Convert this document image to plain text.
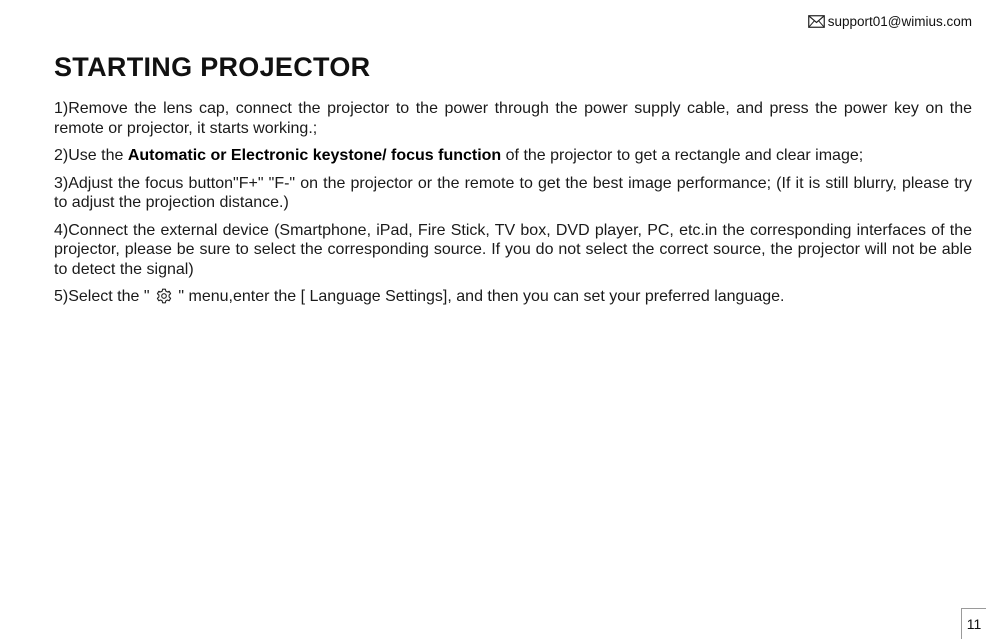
support01@wimius.com
STARTING PROJECTOR

1)Remove the lens cap, connect the projector to the power through the power supply cable, and press the power key on the remote or projector, it starts working.;

2)Use the Automatic or Electronic keystone/ focus function of the projector to get a rectangle and clear image;

3)Adjust the focus button"F+" "F-" on the projector or the remote to get the best image performance; (If it is still blurry, please try to adjust the projection distance.)

4)Connect the external device (Smartphone, iPad, Fire Stick, TV box, DVD player, PC, etc.in the corresponding interfaces of the projector, please be sure to select the corresponding source. If you do not select the correct source, the projector will not be able to detect the signal)

5)Select the "  " menu,enter the [ Language Settings], and then you can set your preferred language.

11
